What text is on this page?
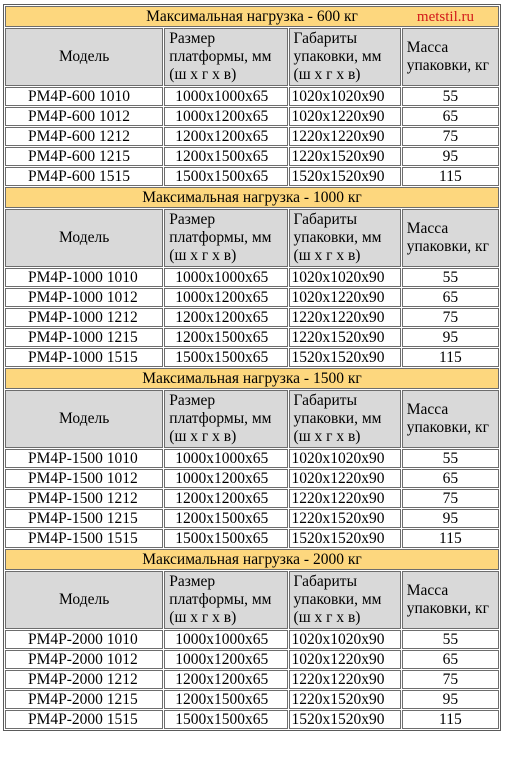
Максимальная нагрузка - 600 кг metstil.ru			

Модель	Размер платформы, мм (ш х г х в)	Габариты упаковки, мм (ш х г х в)	Масса упаковки, кг
РМ4Р-600 1010	1000х1000х65	1020х1020х90	55
РМ4Р-600 1012	1000х1200х65	1020х1220х90	65
РМ4Р-600 1212	1200х1200х65	1220х1220х90	75
РМ4Р-600 1215	1200х1500х65	1220х1520х90	95
РМ4Р-600 1515	1500х1500х65	1520х1520х90	115
Максимальная нагрузка - 1000 кг			
Модель	Размер платформы, мм (ш х г х в)	Габариты упаковки, мм (ш х г х в)	Масса упаковки, кг
РМ4Р-1000 1010	1000х1000х65	1020х1020х90	55
РМ4Р-1000 1012	1000х1200х65	1020х1220х90	65
РМ4Р-1000 1212	1200х1200х65	1220х1220х90	75
РМ4Р-1000 1215	1200х1500х65	1220х1520х90	95
РМ4Р-1000 1515	1500х1500х65	1520х1520х90	115
Максимальная нагрузка - 1500 кг			
Модель	Размер платформы, мм (ш х г х в)	Габариты упаковки, мм (ш х г х в)	Масса упаковки, кг
РМ4Р-1500 1010	1000х1000х65	1020х1020х90	55
РМ4Р-1500 1012	1000х1200х65	1020х1220х90	65
РМ4Р-1500 1212	1200х1200х65	1220х1220х90	75
РМ4Р-1500 1215	1200х1500х65	1220х1520х90	95
РМ4Р-1500 1515	1500х1500х65	1520х1520х90	115
Максимальная нагрузка - 2000 кг			
Модель	Размер платформы, мм (ш х г х в)	Габариты упаковки, мм (ш х г х в)	Масса упаковки, кг
РМ4Р-2000 1010	1000х1000х65	1020х1020х90	55
РМ4Р-2000 1012	1000х1200х65	1020х1220х90	65
РМ4Р-2000 1212	1200х1200х65	1220х1220х90	75
РМ4Р-2000 1215	1200х1500х65	1220х1520х90	95
РМ4Р-2000 1515	1500х1500х65	1520х1520х90	115
